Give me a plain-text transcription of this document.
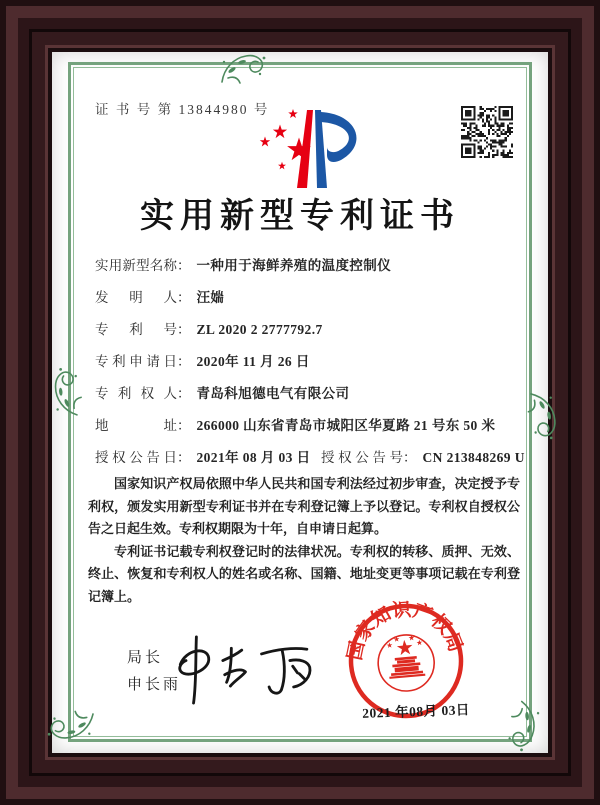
证 书 号 第 13844980 号
实用新型专利证书
实用新型名称： 一种用于海鲜养殖的温度控制仪
发明人： 汪媏
专利号： ZL 2020 2 2777792.7
专利申请日： 2020年 11 月 26 日
专利权人： 青岛科旭德电气有限公司
地址： 266000 山东省青岛市城阳区华夏路 21 号东 50 米
授权公告日： 2021年 08 月 03 日 授权公告号： CN 213848269 U

国家知识产权局依照中华人民共和国专利法经过初步审查，决定授予专利权，颁发实用新型专利证书并在专利登记簿上予以登记。专利权自授权公告之日起生效。专利权期限为十年，自申请日起算。

专利证书记载专利权登记时的法律状况。专利权的转移、质押、无效、终止、恢复和专利权人的姓名或名称、国籍、地址变更等事项记载在专利登记簿上。

局长
申长雨
国家知识产权局
2021 年08月 03日
